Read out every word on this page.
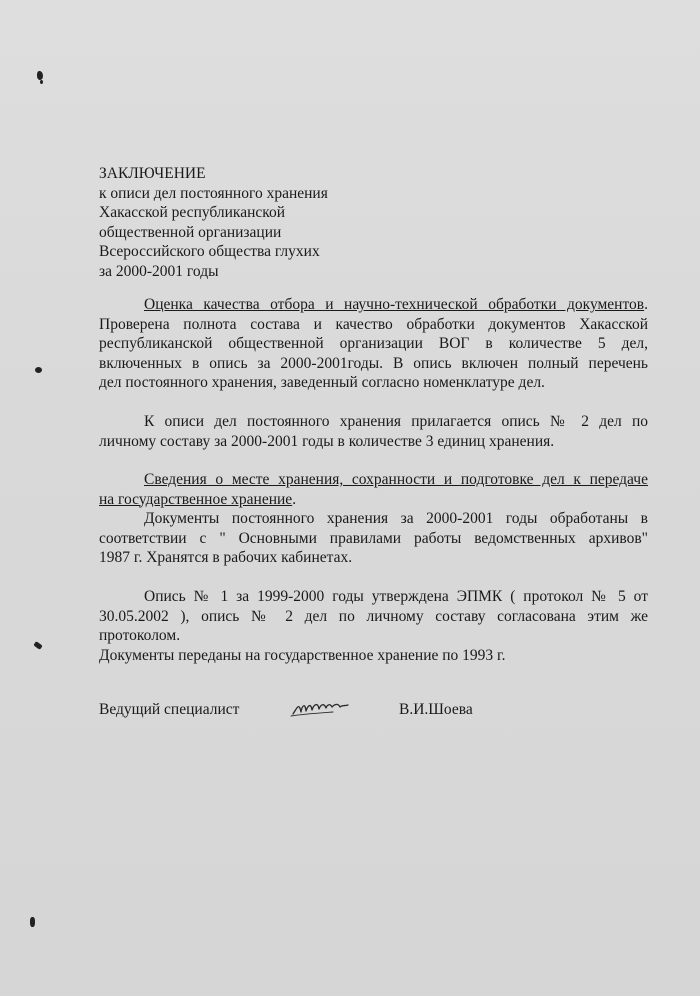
ЗАКЛЮЧЕНИЕ
к описи дел постоянного хранения
Хакасской республиканской
общественной организации
Всероссийского общества глухих
за 2000-2001 годы
Оценка качества отбора и научно-технической обработки документов.
Проверена полнота состава и качество обработки документов Хакасской
республиканской общественной организации ВОГ в количестве 5 дел,
включенных в опись за 2000-2001годы. В опись включен полный перечень
дел постоянного хранения, заведенный согласно номенклатуре дел.
К описи дел постоянного хранения прилагается опись № 2 дел по
личному составу за 2000-2001 годы в количестве 3 единиц хранения.
Сведения о месте хранения, сохранности и подготовке дел к передаче
на государственное хранение.
Документы постоянного хранения за 2000-2001 годы обработаны в
соответствии с " Основными правилами работы ведомственных архивов"
1987 г. Хранятся в рабочих кабинетах.
Опись № 1 за 1999-2000 годы утверждена ЭПМК ( протокол № 5 от
30.05.2002 ), опись № 2 дел по личному составу согласована этим же
протоколом.
Документы переданы на государственное хранение по 1993 г.
Ведущий специалист	В.И.Шоева
